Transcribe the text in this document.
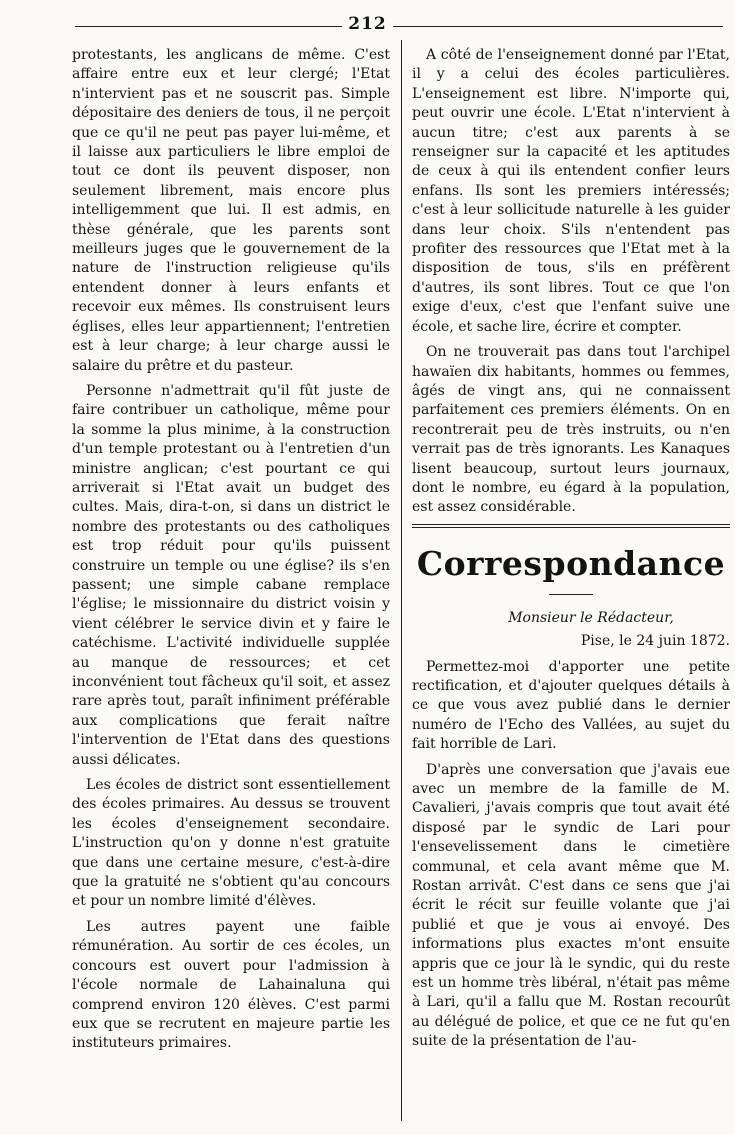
212

protestants, les anglicans de même. C'est affaire entre eux et leur clergé; l'Etat n'intervient pas et ne souscrit pas. Simple dépositaire des deniers de tous, il ne perçoit que ce qu'il ne peut pas payer lui-même, et il laisse aux particuliers le libre emploi de tout ce dont ils peuvent disposer, non seulement librement, mais encore plus intelligemment que lui. Il est admis, en thèse générale, que les parents sont meilleurs juges que le gouvernement de la nature de l'instruction religieuse qu'ils entendent donner à leurs enfants et recevoir eux mêmes. Ils construisent leurs églises, elles leur appartiennent; l'entretien est à leur charge; à leur charge aussi le salaire du prêtre et du pasteur.

Personne n'admettrait qu'il fût juste de faire contribuer un catholique, même pour la somme la plus minime, à la construction d'un temple protestant ou à l'entretien d'un ministre anglican; c'est pourtant ce qui arriverait si l'Etat avait un budget des cultes. Mais, dira-t-on, si dans un district le nombre des protestants ou des catholiques est trop réduit pour qu'ils puissent construire un temple ou une église? ils s'en passent; une simple cabane remplace l'église; le missionnaire du district voisin y vient célébrer le service divin et y faire le catéchisme. L'activité individuelle supplée au manque de ressources; et cet inconvénient tout fâcheux qu'il soit, et assez rare après tout, paraît infiniment préférable aux complications que ferait naître l'intervention de l'Etat dans des questions aussi délicates.

Les écoles de district sont essentiellement des écoles primaires. Au dessus se trouvent les écoles d'enseignement secondaire. L'instruction qu'on y donne n'est gratuite que dans une certaine mesure, c'est-à-dire que la gratuité ne s'obtient qu'au concours et pour un nombre limité d'élèves.

Les autres payent une faible rémunération. Au sortir de ces écoles, un concours est ouvert pour l'admission à l'école normale de Lahainaluna qui comprend environ 120 élèves. C'est parmi eux que se recrutent en majeure partie les instituteurs primaires.

A côté de l'enseignement donné par l'Etat, il y a celui des écoles particulières. L'enseignement est libre. N'importe qui, peut ouvrir une école. L'Etat n'intervient à aucun titre; c'est aux parents à se renseigner sur la capacité et les aptitudes de ceux à qui ils entendent confier leurs enfans. Ils sont les premiers intéressés; c'est à leur sollicitude naturelle à les guider dans leur choix. S'ils n'entendent pas profiter des ressources que l'Etat met à la disposition de tous, s'ils en préfèrent d'autres, ils sont libres. Tout ce que l'on exige d'eux, c'est que l'enfant suive une école, et sache lire, écrire et compter.

On ne trouverait pas dans tout l'archipel hawaïen dix habitants, hommes ou femmes, âgés de vingt ans, qui ne connaissent parfaitement ces premiers éléments. On en recontrerait peu de très instruits, ou n'en verrait pas de très ignorants. Les Kanaques lisent beaucoup, surtout leurs journaux, dont le nombre, eu égard à la population, est assez considérable.

Correspondance

Monsieur le Rédacteur,

Pise, le 24 juin 1872.

Permettez-moi d'apporter une petite rectification, et d'ajouter quelques détails à ce que vous avez publié dans le dernier numéro de l'Echo des Vallées, au sujet du fait horrible de Lari.

D'après une conversation que j'avais eue avec un membre de la famille de M. Cavalieri, j'avais compris que tout avait été disposé par le syndic de Lari pour l'ensevelissement dans le cimetière communal, et cela avant même que M. Rostan arrivât. C'est dans ce sens que j'ai écrit le récit sur feuille volante que j'ai publié et que je vous ai envoyé. Des informations plus exactes m'ont ensuite appris que ce jour là le syndic, qui du reste est un homme très libéral, n'était pas même à Lari, qu'il a fallu que M. Rostan recourût au délégué de police, et que ce ne fut qu'en suite de la présentation de l'au-
